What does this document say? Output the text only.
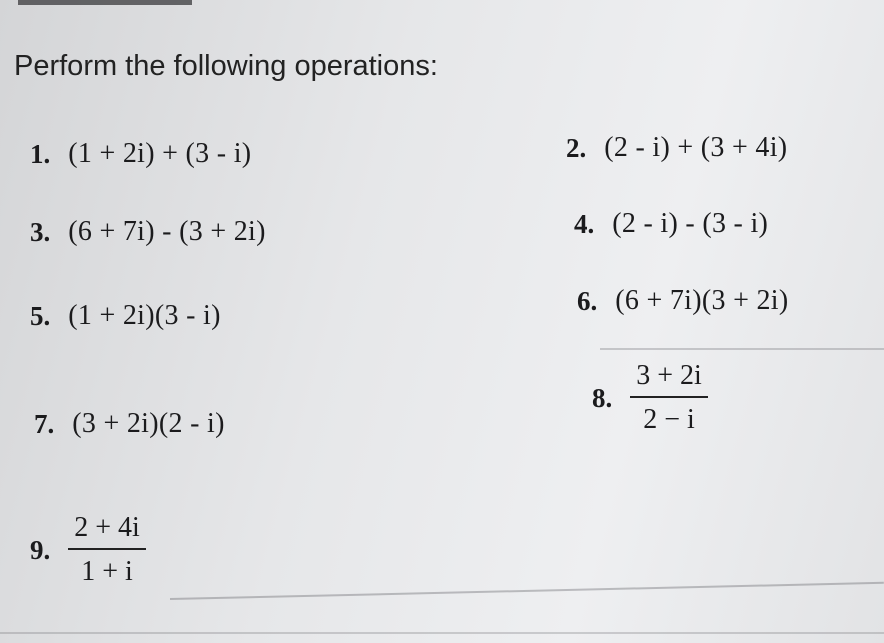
Perform the following operations:
1. (1 + 2i) + (3 - i)	2. (2 - i) + (3 + 4i)
3. (6 + 7i) - (3 + 2i)	4. (2 - i) - (3 - i)
5. (1 + 2i)(3 - i)	6. (6 + 7i)(3 + 2i)
7. (3 + 2i)(2 - i)
8. $\frac{3 + 2i}{2 - i}$
9. $\frac{2 + 4i}{1 + i}$
